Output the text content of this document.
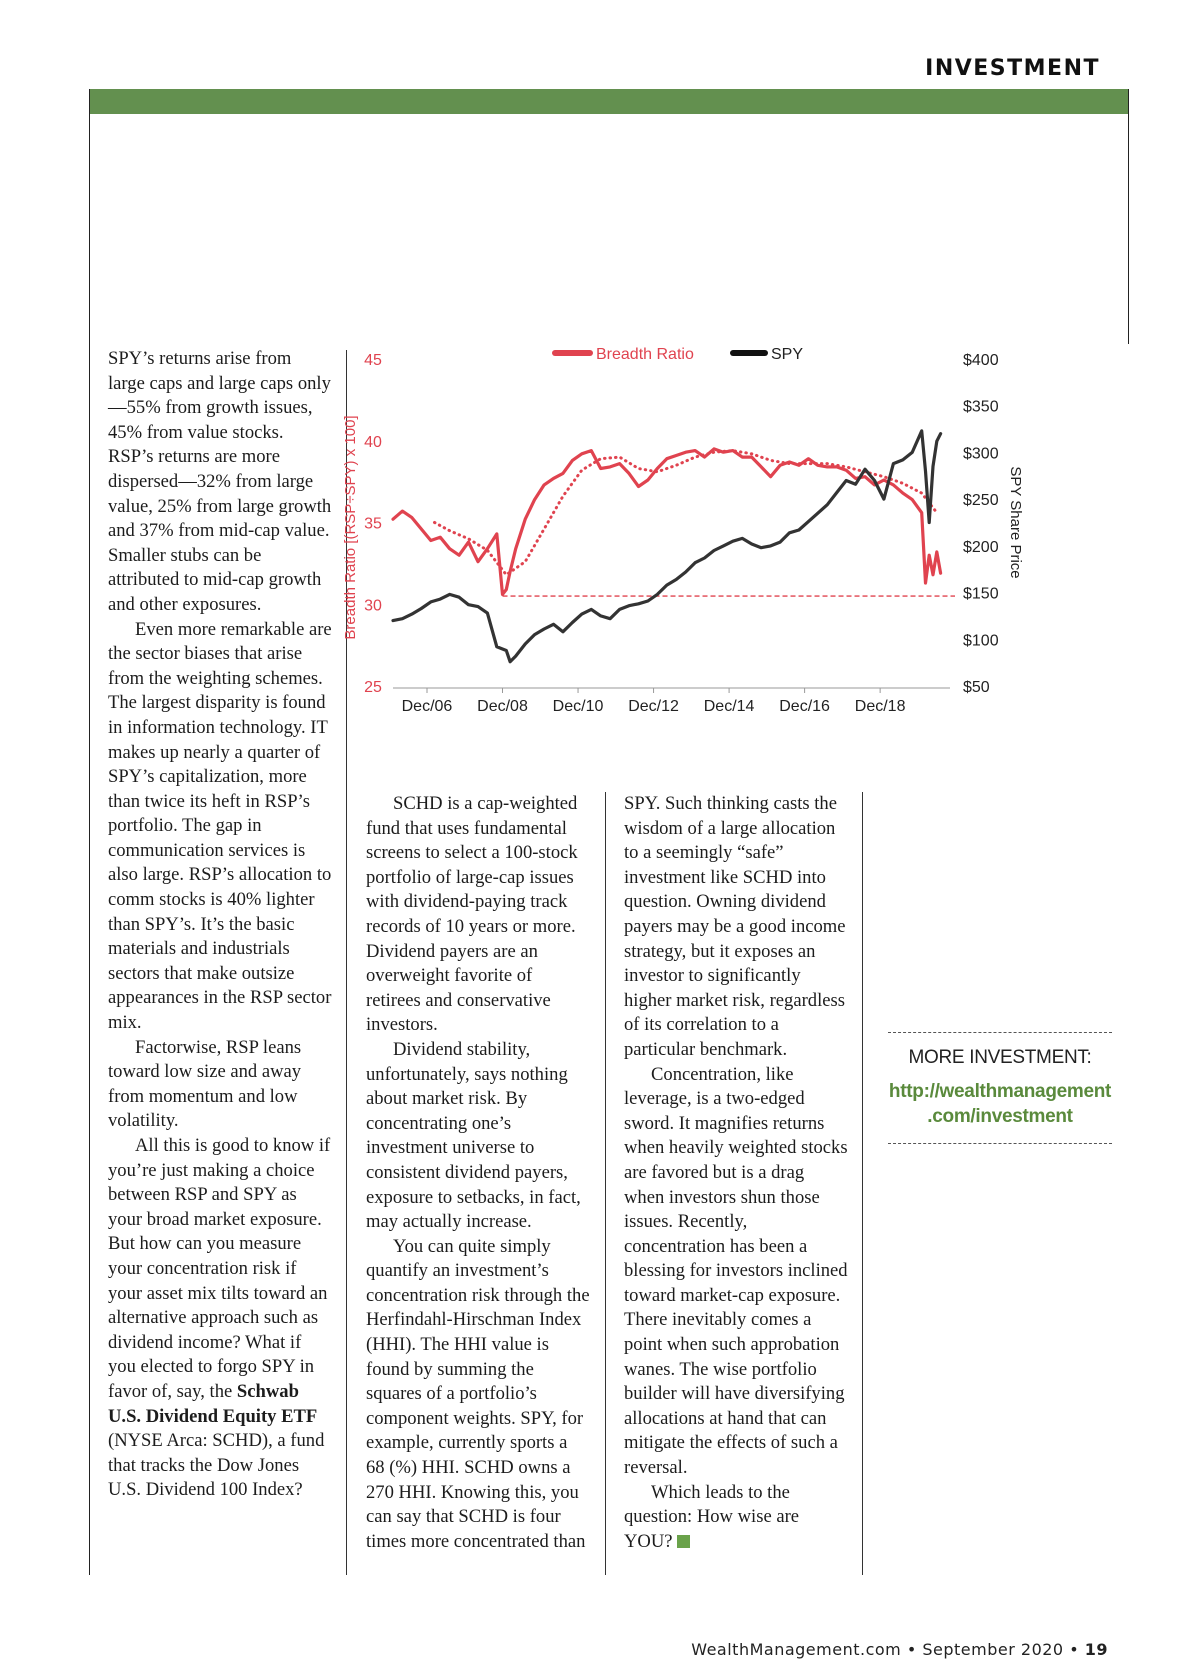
INVESTMENT

SPY’s returns arise from large caps and large caps only—55% from growth issues, 45% from value stocks. RSP’s returns are more dispersed—32% from large value, 25% from large growth and 37% from mid-cap value. Smaller stubs can be attributed to mid-cap growth and other exposures.

Even more remarkable are the sector biases that arise from the weighting schemes. The largest disparity is found in information technology. IT makes up nearly a quarter of SPY’s capitalization, more than twice its heft in RSP’s portfolio. The gap in communication services is also large. RSP’s allocation to comm stocks is 40% lighter than SPY’s. It’s the basic materials and industrials sectors that make outsize appearances in the RSP sector mix.

Factorwise, RSP leans toward low size and away from momentum and low volatility.

All this is good to know if you’re just making a choice between RSP and SPY as your broad market exposure. But how can you measure your concentration risk if your asset mix tilts toward an alternative approach such as dividend income? What if you elected to forgo SPY in favor of, say, the Schwab U.S. Dividend Equity ETF (NYSE Arca: SCHD), a fund that tracks the Dow Jones U.S. Dividend 100 Index?

Dec/06 Dec/08 Dec/10 Dec/12 Dec/14 Dec/16 Dec/18
45
40
35
30
25
$400
$350
$300
$250
$200
$150
$100
$50
Breadth Ratio [(RSP÷SPY) x 100]	SPY Share Price
Breadth Ratio	SPY

SCHD is a cap-weighted fund that uses fundamental screens to select a 100-stock portfolio of large-cap issues with dividend-paying track records of 10 years or more. Dividend payers are an overweight favorite of retirees and conservative investors.

Dividend stability, unfortunately, says nothing about market risk. By concentrating one’s investment universe to consistent dividend payers, exposure to setbacks, in fact, may actually increase.

You can quite simply quantify an investment’s concentration risk through the Herfindahl-Hirschman Index (HHI). The HHI value is found by summing the squares of a portfolio’s component weights. SPY, for example, currently sports a 68 (%) HHI. SCHD owns a 270 HHI. Knowing this, you can say that SCHD is four times more concentrated than

SPY. Such thinking casts the wisdom of a large allocation to a seemingly “safe” investment like SCHD into question. Owning dividend payers may be a good income strategy, but it exposes an investor to significantly higher market risk, regardless of its correlation to a particular benchmark.

Concentration, like leverage, is a two-edged sword. It magnifies returns when heavily weighted stocks are favored but is a drag when investors shun those issues. Recently, concentration has been a blessing for investors inclined toward market-cap exposure. There inevitably comes a point when such approbation wanes. The wise portfolio builder will have diversifying allocations at hand that can mitigate the effects of such a reversal.

Which leads to the question: How wise are YOU?

MORE INVESTMENT:
http://wealthmanagement
.com/investment
WealthManagement.com • September 2020 • 19
